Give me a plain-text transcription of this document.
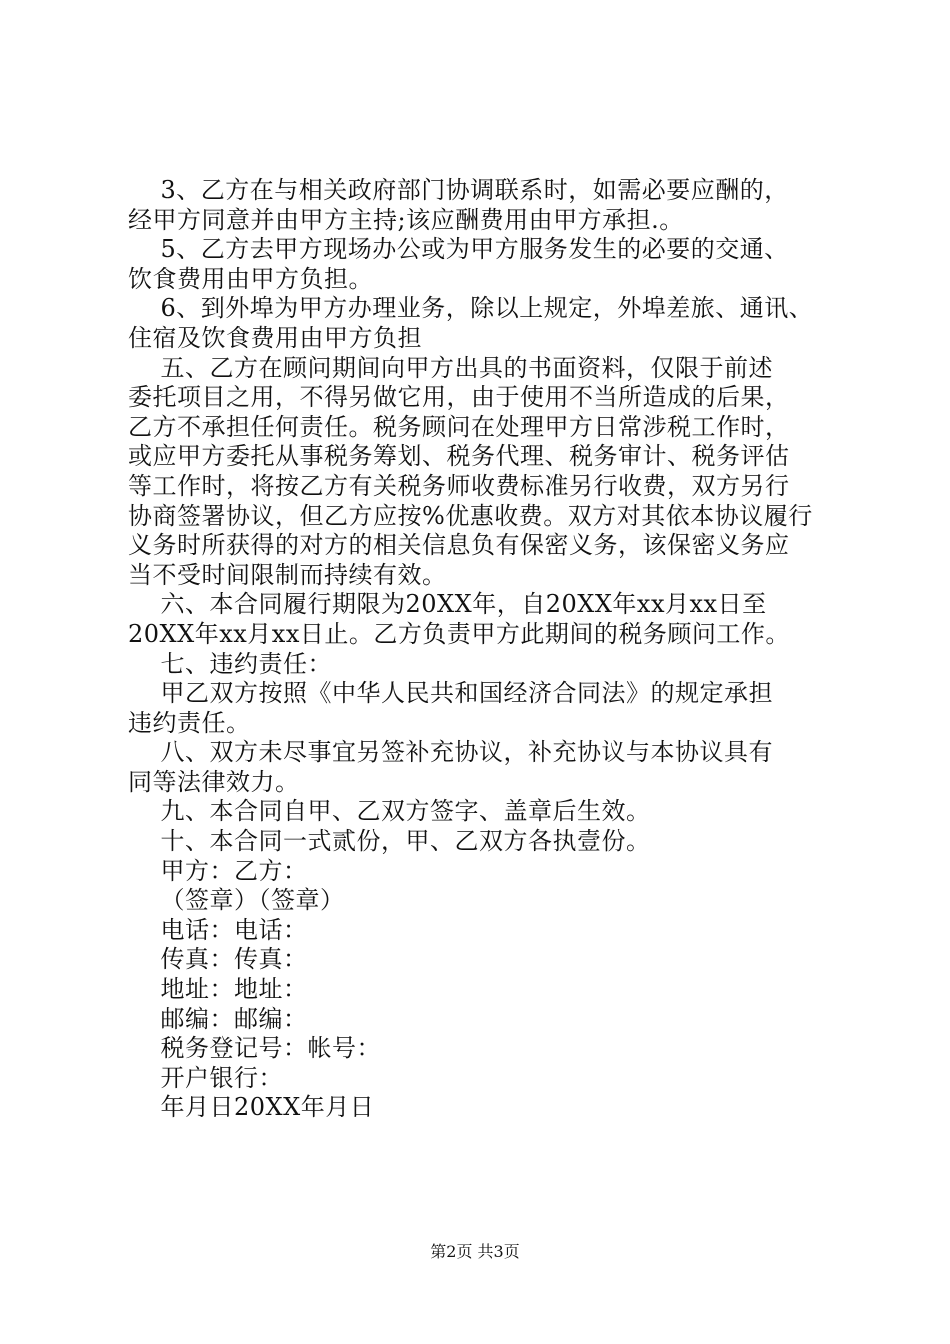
3、乙方在与相关政府部门协调联系时，如需必要应酬的，
经甲方同意并由甲方主持;该应酬费用由甲方承担.。
5、乙方去甲方现场办公或为甲方服务发生的必要的交通、
饮食费用由甲方负担。
6、到外埠为甲方办理业务，除以上规定，外埠差旅、通讯、
住宿及饮食费用由甲方负担
五、乙方在顾问期间向甲方出具的书面资料，仅限于前述
委托项目之用，不得另做它用，由于使用不当所造成的后果，
乙方不承担任何责任。税务顾问在处理甲方日常涉税工作时，
或应甲方委托从事税务筹划、税务代理、税务审计、税务评估
等工作时，将按乙方有关税务师收费标准另行收费，双方另行
协商签署协议，但乙方应按%优惠收费。双方对其依本协议履行
义务时所获得的对方的相关信息负有保密义务，该保密义务应
当不受时间限制而持续有效。
六、本合同履行期限为20XX年，自20XX年xx月xx日至
20XX年xx月xx日止。乙方负责甲方此期间的税务顾问工作。
七、违约责任：
甲乙双方按照《中华人民共和国经济合同法》的规定承担
违约责任。
八、双方未尽事宜另签补充协议，补充协议与本协议具有
同等法律效力。
九、本合同自甲、乙双方签字、盖章后生效。
十、本合同一式贰份，甲、乙双方各执壹份。
甲方：乙方：
（签章）（签章）
电话：电话：
传真：传真：
地址：地址：
邮编：邮编：
税务登记号：帐号：
开户银行：
年月日20XX年月日
第2页 共3页
